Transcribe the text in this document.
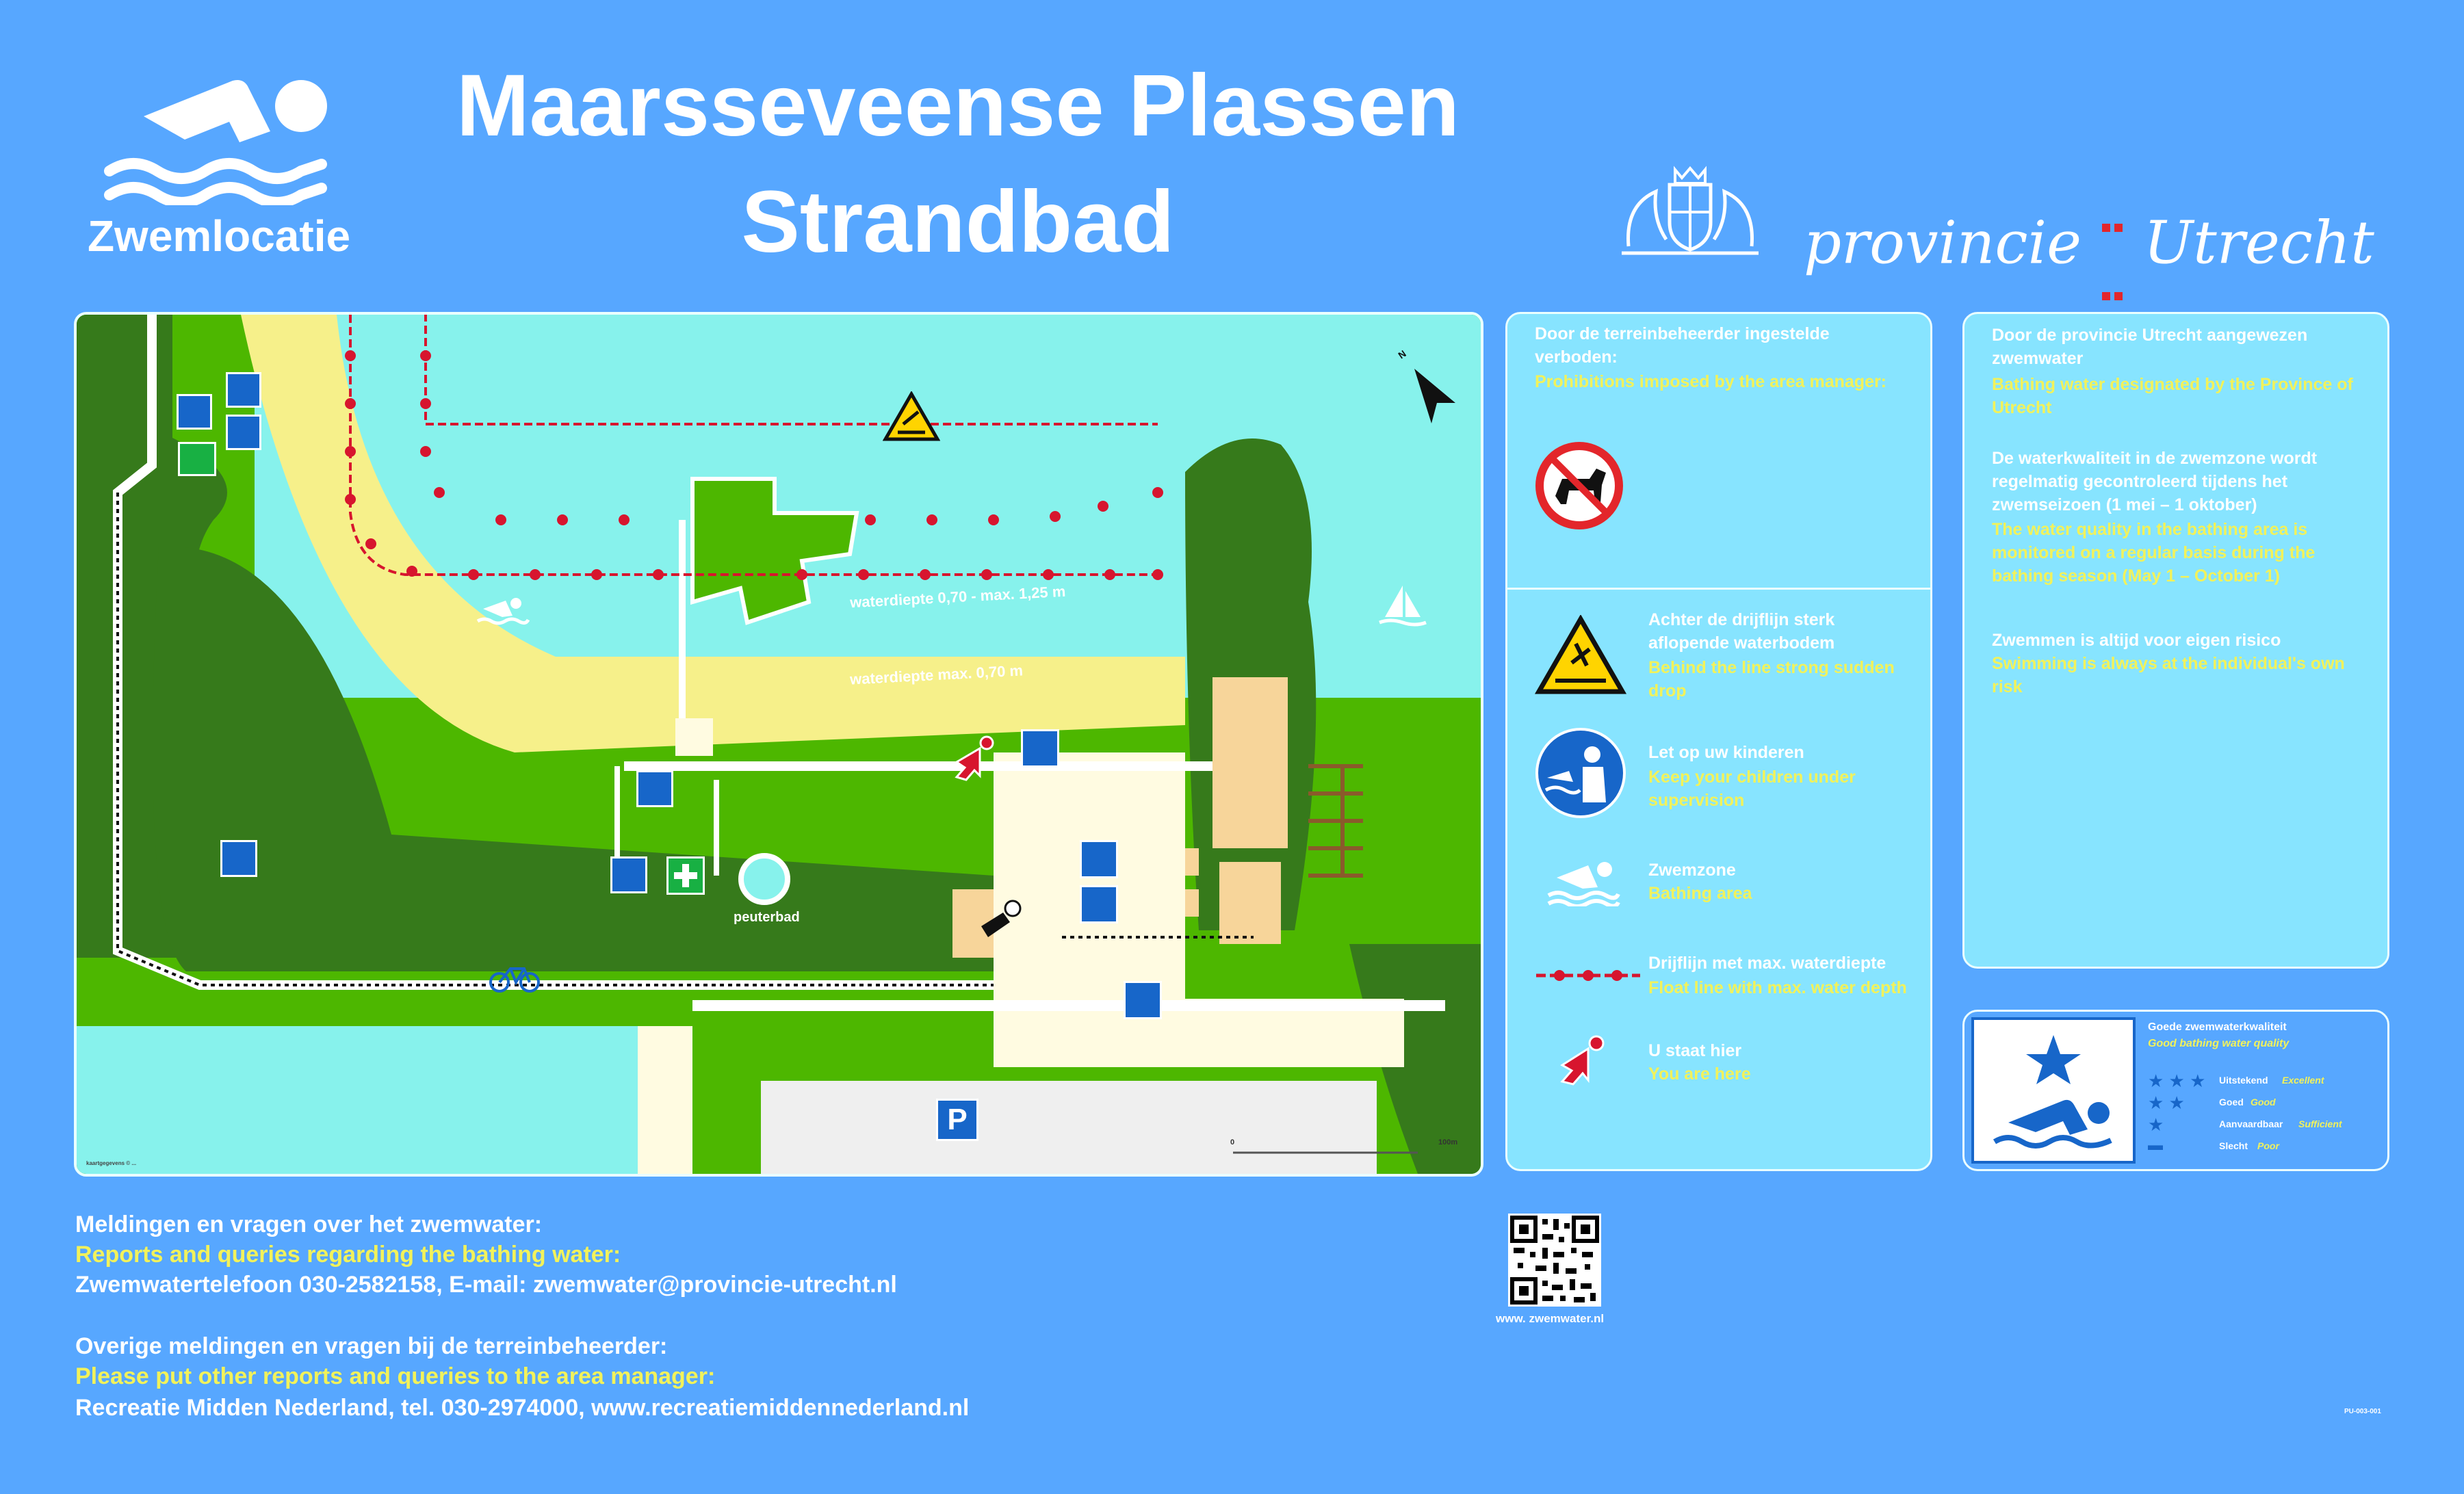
Zwemlocatie
Maarsseveense Plassen
Strandbad	provincie Utrecht
waterdiepte 0,70 - max. 1,25 m
waterdiepte max. 0,70 m
peuterbad
N
0	100m
kaartgegevens © ...
P
Door de terreinbeheerder ingestelde verboden:
Prohibitions imposed by the area manager:
Achter de drijflijn sterk aflopende waterbodem
Behind the line strong sudden drop
Let op uw kinderen
Keep your children under supervision
Zwemzone
Bathing area
Drijflijn met max. waterdiepte
Float line with max. water depth
U staat hier
You are here
Door de provincie Utrecht aangewezen zwemwater
Bathing water designated by the Province of Utrecht
De waterkwaliteit in de zwemzone wordt regelmatig gecontroleerd tijdens het zwemseizoen (1 mei – 1 oktober)
The water quality in the bathing area is monitored on a regular basis during the bathing season (May 1 – October 1)
Zwemmen is altijd voor eigen risico
Swimming is always at the individual's own risk
Goede zwemwaterkwaliteit
Good bathing water quality
★ ★ ★ Uitstekend Excellent
★ ★	Goed Good
★	Aanvaardbaar Sufficient
▬	Slecht Poor
Meldingen en vragen over het zwemwater:
Reports and queries regarding the bathing water:
Zwemwatertelefoon 030-2582158, E-mail: zwemwater@provincie-utrecht.nl
Overige meldingen en vragen bij de terreinbeheerder:
Please put other reports and queries to the area manager:
Recreatie Midden Nederland, tel. 030-2974000, www.recreatiemiddennederland.nl
www. zwemwater.nl
PU-003-001
